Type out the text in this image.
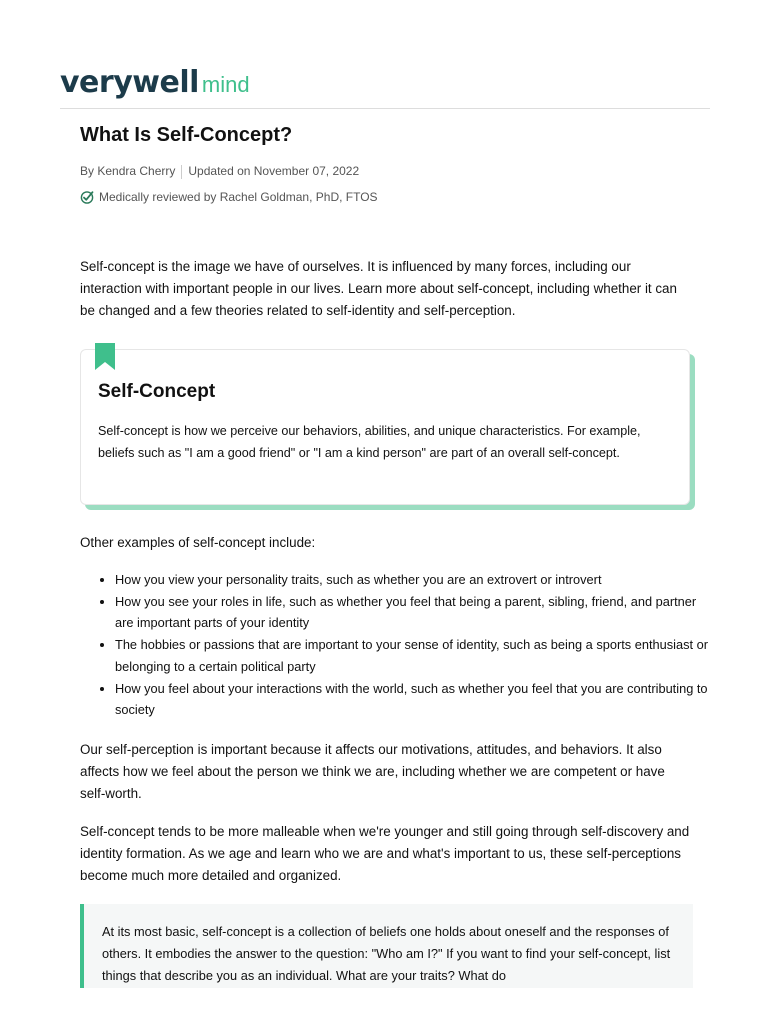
verywell mind
What Is Self-Concept?
By Kendra Cherry Updated on November 07, 2022
Medically reviewed by Rachel Goldman, PhD, FTOS

Self-concept is the image we have of ourselves. It is influenced by many forces, including our interaction with important people in our lives. Learn more about self-concept, including whether it can be changed and a few theories related to self-identity and self-perception.

Self-Concept

Self-concept is how we perceive our behaviors, abilities, and unique characteristics. For example, beliefs such as "I am a good friend" or "I am a kind person" are part of an overall self-concept.

Other examples of self-concept include:

• How you view your personality traits, such as whether you are an extrovert or introvert
• How you see your roles in life, such as whether you feel that being a parent, sibling, friend, and partner are important parts of your identity
• The hobbies or passions that are important to your sense of identity, such as being a sports enthusiast or belonging to a certain political party
• How you feel about your interactions with the world, such as whether you feel that you are contributing to society

Our self-perception is important because it affects our motivations, attitudes, and behaviors. It also affects how we feel about the person we think we are, including whether we are competent or have self-worth.

Self-concept tends to be more malleable when we're younger and still going through self-discovery and identity formation. As we age and learn who we are and what's important to us, these self-perceptions become much more detailed and organized.

At its most basic, self-concept is a collection of beliefs one holds about oneself and the responses of others. It embodies the answer to the question: "Who am I?" If you want to find your self-concept, list things that describe you as an individual. What are your traits? What do
